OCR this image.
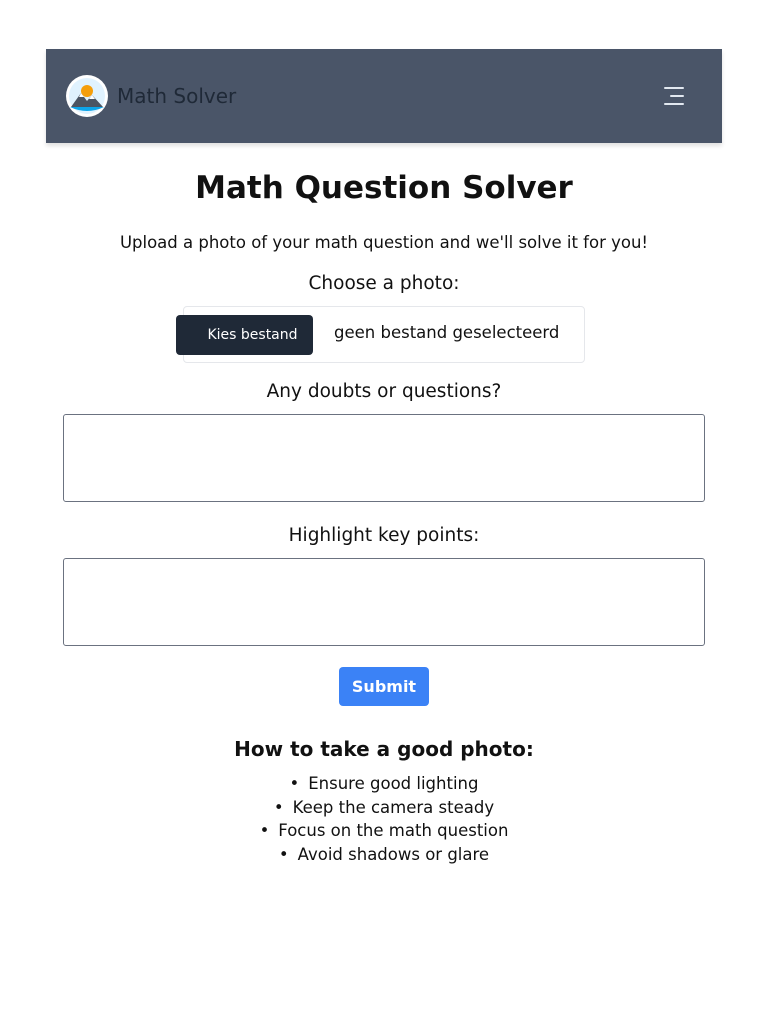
Math Solver
Math Question Solver

Upload a photo of your math question and we'll solve it for you!

Choose a photo:
Kies bestand	geen bestand geselecteerd
Any doubts or questions?
Highlight key points:
Submit
How to take a good photo:
• Ensure good lighting
• Keep the camera steady
• Focus on the math question
• Avoid shadows or glare
